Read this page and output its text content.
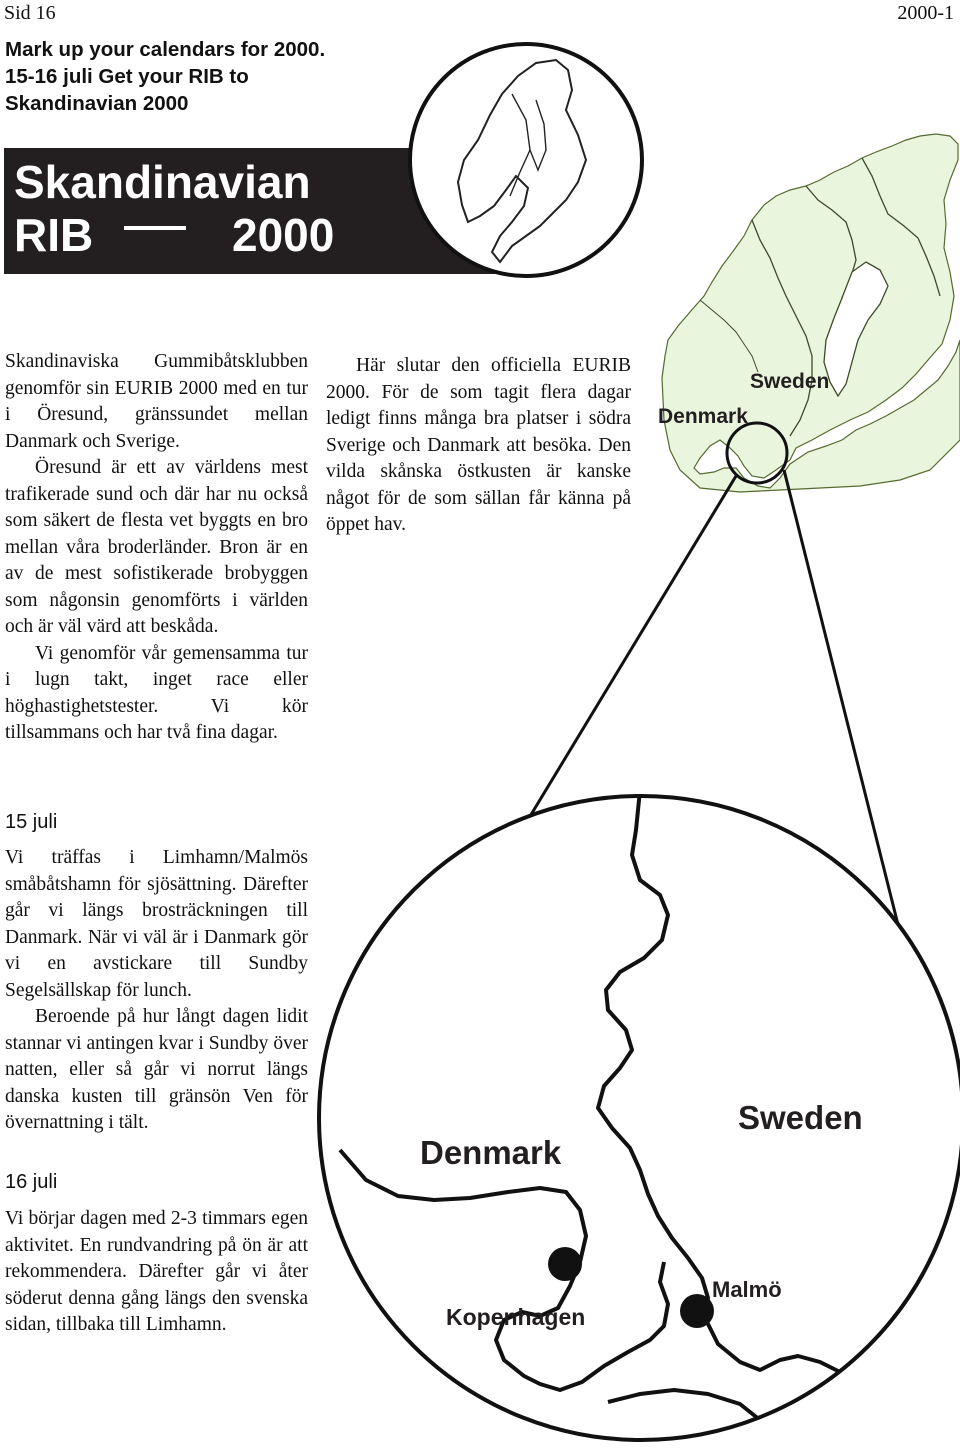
Sid 16	2000-1
Mark up your calendars for 2000.
15-16 juli Get your RIB to
Skandinavian 2000
Skandinavian
RIB	2000
Sweden
Denmark
Denmark
Sweden
Kopenhagen
Malmö

Skandinaviska Gummibåtsklubben genomför sin EURIB 2000 med en tur i Öresund, gränssundet mellan Danmark och Sverige.

Öresund är ett av världens mest trafikerade sund och där har nu också som säkert de flesta vet byggts en bro mellan våra broderländer. Bron är en av de mest sofistikerade brobyggen som någonsin genomförts i världen och är väl värd att beskåda.

Vi genomför vår gemensamma tur i lugn takt, inget race eller höghastighetstester. Vi kör tillsammans och har två fina dagar.

Här slutar den officiella EURIB 2000. För de som tagit flera dagar ledigt finns många bra platser i södra Sverige och Danmark att besöka. Den vilda skånska östkusten är kanske något för de som sällan får känna på öppet hav.

15 juli

Vi träffas i Limhamn/Malmös småbåtshamn för sjösättning. Därefter går vi längs brosträckningen till Danmark. När vi väl är i Danmark gör vi en avstickare till Sundby Segelsällskap för lunch.

Beroende på hur långt dagen lidit stannar vi antingen kvar i Sundby över natten, eller så går vi norrut längs danska kusten till gränsön Ven för övernattning i tält.

16 juli

Vi börjar dagen med 2-3 timmars egen aktivitet. En rundvandring på ön är att rekommendera. Därefter går vi åter söderut denna gång längs den svenska sidan, tillbaka till Limhamn.
